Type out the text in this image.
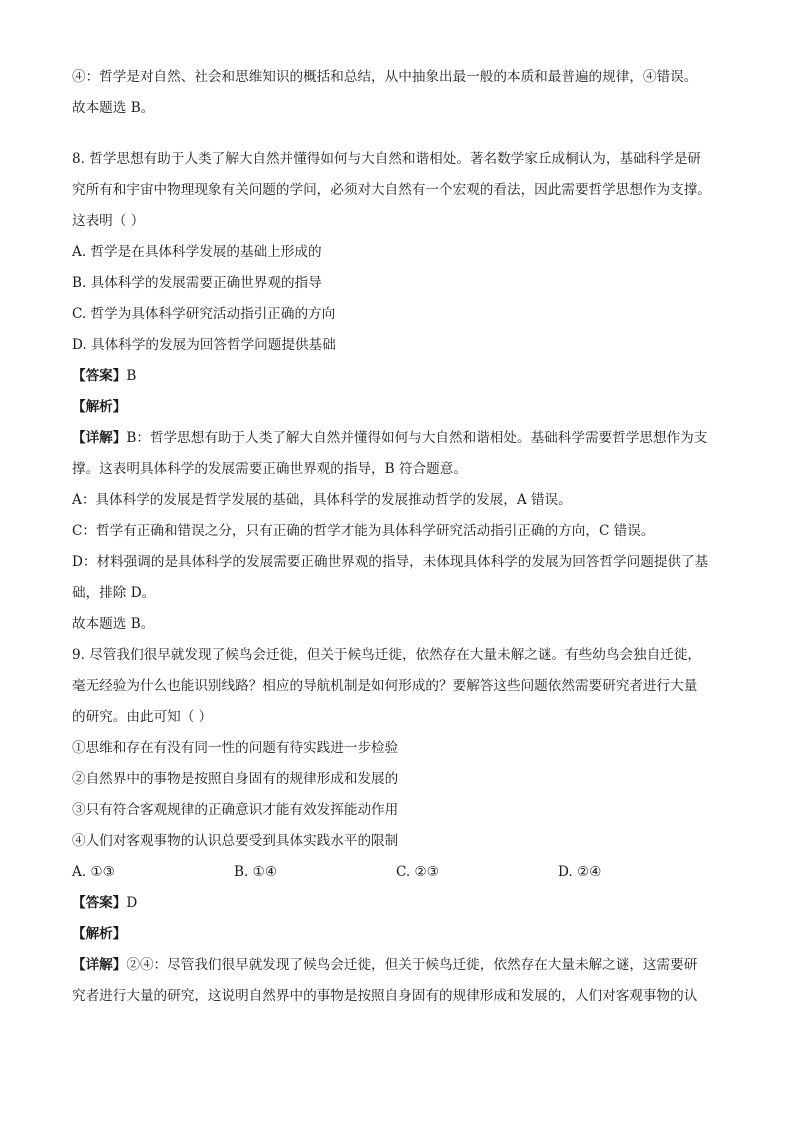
④：哲学是对自然、社会和思维知识的概括和总结，从中抽象出最一般的本质和最普遍的规律，④错误。
故本题选 B。
8. 哲学思想有助于人类了解大自然并懂得如何与大自然和谐相处。著名数学家丘成桐认为，基础科学是研
究所有和宇宙中物理现象有关问题的学问，必须对大自然有一个宏观的看法，因此需要哲学思想作为支撑。
这表明（ ）
A. 哲学是在具体科学发展的基础上形成的
B. 具体科学的发展需要正确世界观的指导
C. 哲学为具体科学研究活动指引正确的方向
D. 具体科学的发展为回答哲学问题提供基础
【答案】B
【解析】
【详解】B：哲学思想有助于人类了解大自然并懂得如何与大自然和谐相处。基础科学需要哲学思想作为支
撑。这表明具体科学的发展需要正确世界观的指导，B 符合题意。
A：具体科学的发展是哲学发展的基础，具体科学的发展推动哲学的发展，A 错误。
C：哲学有正确和错误之分，只有正确的哲学才能为具体科学研究活动指引正确的方向，C 错误。
D：材料强调的是具体科学的发展需要正确世界观的指导，未体现具体科学的发展为回答哲学问题提供了基
础，排除 D。
故本题选 B。
9. 尽管我们很早就发现了候鸟会迁徙，但关于候鸟迁徙，依然存在大量未解之谜。有些幼鸟会独自迁徙，
毫无经验为什么也能识别线路？相应的导航机制是如何形成的？要解答这些问题依然需要研究者进行大量
的研究。由此可知（ ）
①思维和存在有没有同一性的问题有待实践进一步检验
②自然界中的事物是按照自身固有的规律形成和发展的
③只有符合客观规律的正确意识才能有效发挥能动作用
④人们对客观事物的认识总要受到具体实践水平的限制
A. ①③	B. ①④	C. ②③	D. ②④
【答案】D
【解析】
【详解】②④：尽管我们很早就发现了候鸟会迁徙，但关于候鸟迁徙，依然存在大量未解之谜，这需要研
究者进行大量的研究，这说明自然界中的事物是按照自身固有的规律形成和发展的，人们对客观事物的认
